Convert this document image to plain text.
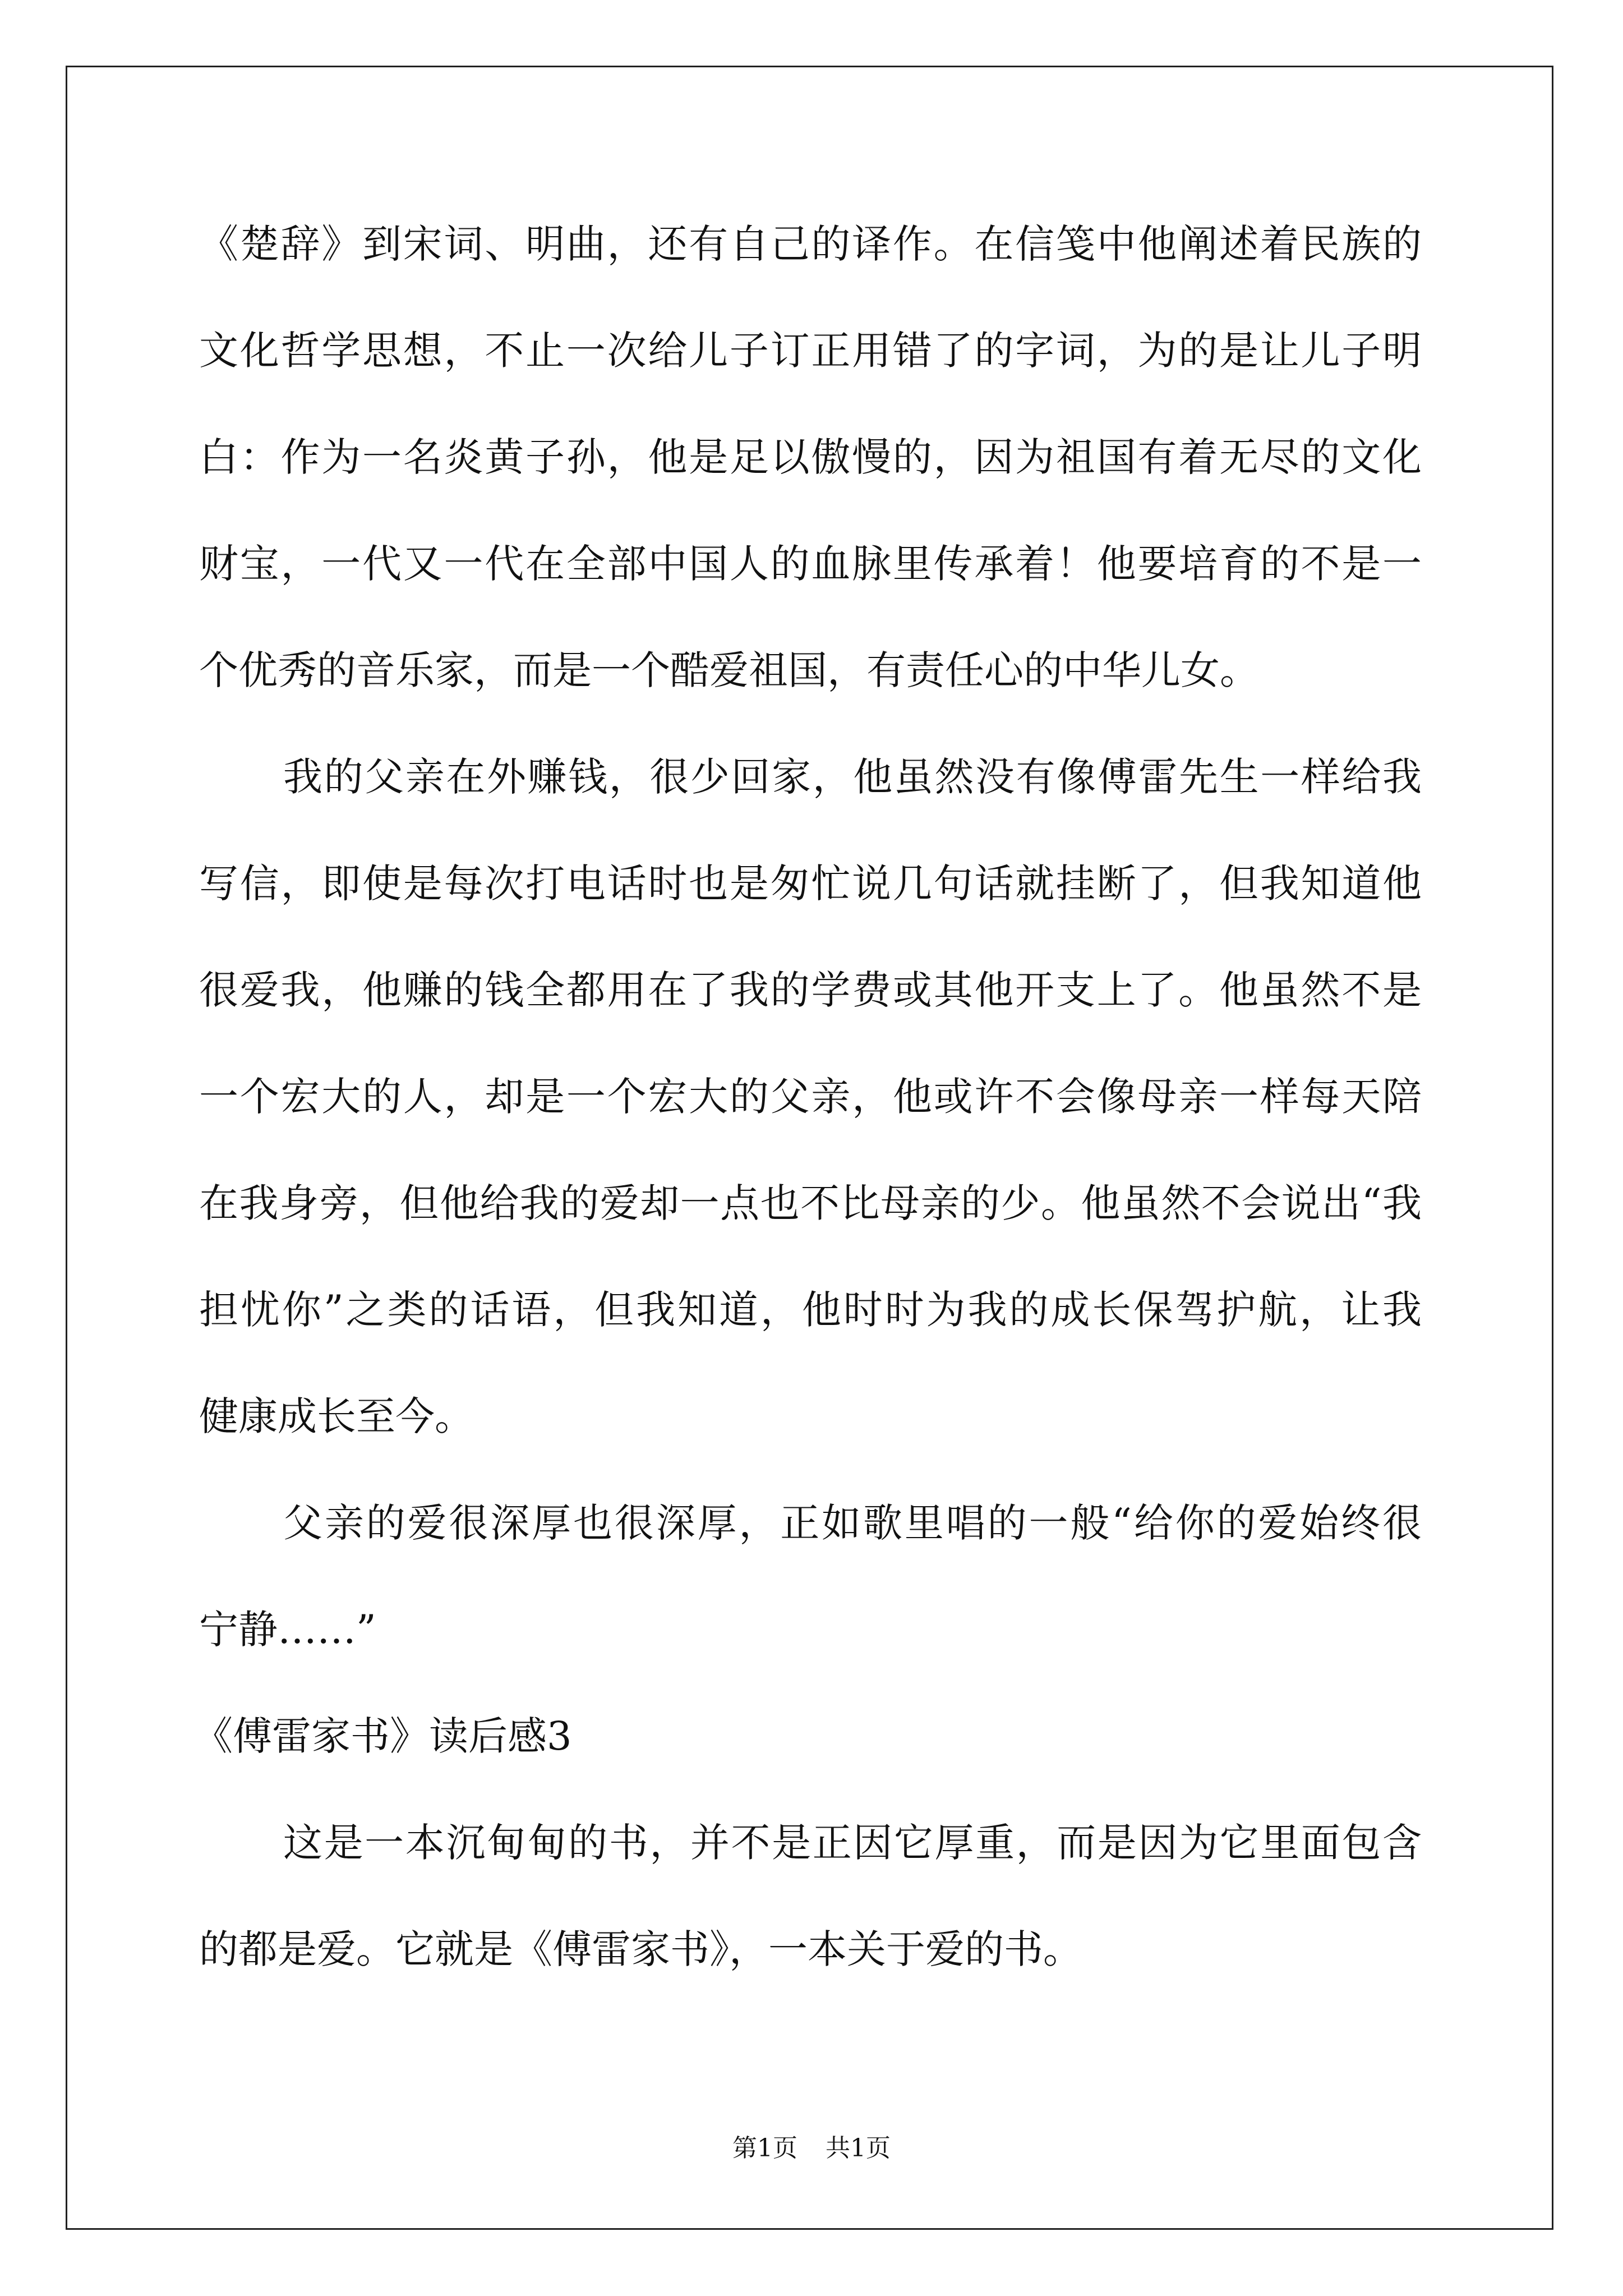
《楚辞》到宋词、明曲，还有自己的译作。在信笺中他阐述着民族的
文化哲学思想，不止一次给儿子订正用错了的字词，为的是让儿子明
白：作为一名炎黄子孙，他是足以傲慢的，因为祖国有着无尽的文化
财宝，一代又一代在全部中国人的血脉里传承着！他要培育的不是一
个优秀的音乐家，而是一个酷爱祖国，有责任心的中华儿女。
我的父亲在外赚钱，很少回家，他虽然没有像傅雷先生一样给我
写信，即使是每次打电话时也是匆忙说几句话就挂断了，但我知道他
很爱我，他赚的钱全都用在了我的学费或其他开支上了。他虽然不是
一个宏大的人，却是一个宏大的父亲，他或许不会像母亲一样每天陪
在我身旁，但他给我的爱却一点也不比母亲的少。他虽然不会说出“我
担忧你”之类的话语，但我知道，他时时为我的成长保驾护航，让我
健康成长至今。
父亲的爱很深厚也很深厚，正如歌里唱的一般“给你的爱始终很
宁静……”
《傅雷家书》读后感3
这是一本沉甸甸的书，并不是正因它厚重，而是因为它里面包含
的都是爱。它就是《傅雷家书》，一本关于爱的书。
第1页 共1页
